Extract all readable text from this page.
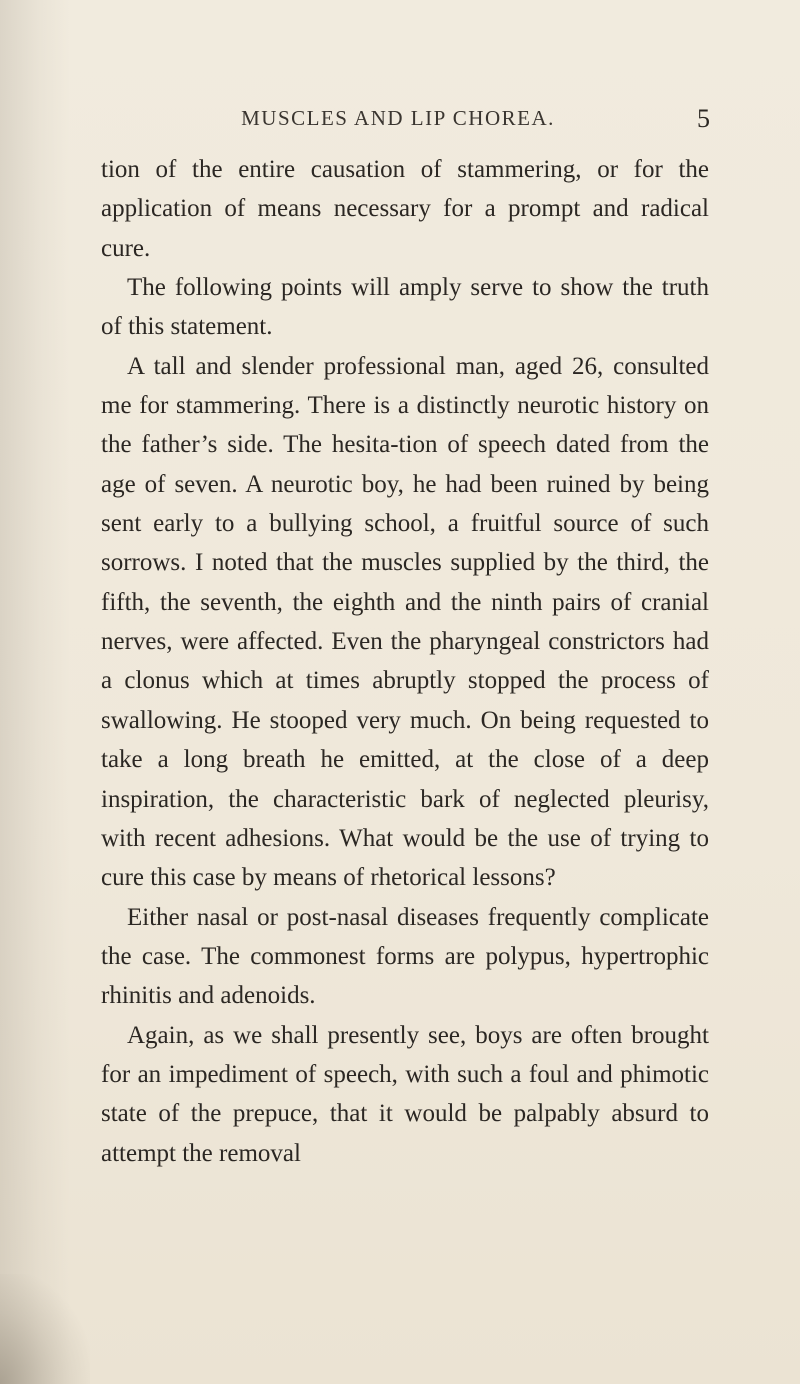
MUSCLES AND LIP CHOREA.	5

tion of the entire causation of stammering, or for the application of means necessary for a prompt and radical cure.

The following points will amply serve to show the truth of this statement.

A tall and slender professional man, aged 26, consulted me for stammering. There is a distinctly neurotic history on the father’s side. The hesita-tion of speech dated from the age of seven. A neurotic boy, he had been ruined by being sent early to a bullying school, a fruitful source of such sorrows. I noted that the muscles supplied by the third, the fifth, the seventh, the eighth and the ninth pairs of cranial nerves, were affected. Even the pharyngeal constrictors had a clonus which at times abruptly stopped the process of swallowing. He stooped very much. On being requested to take a long breath he emitted, at the close of a deep inspiration, the characteristic bark of neglected pleurisy, with recent adhesions. What would be the use of trying to cure this case by means of rhetorical lessons?

Either nasal or post-nasal diseases frequently complicate the case. The commonest forms are polypus, hypertrophic rhinitis and adenoids.

Again, as we shall presently see, boys are often brought for an impediment of speech, with such a foul and phimotic state of the prepuce, that it would be palpably absurd to attempt the removal
